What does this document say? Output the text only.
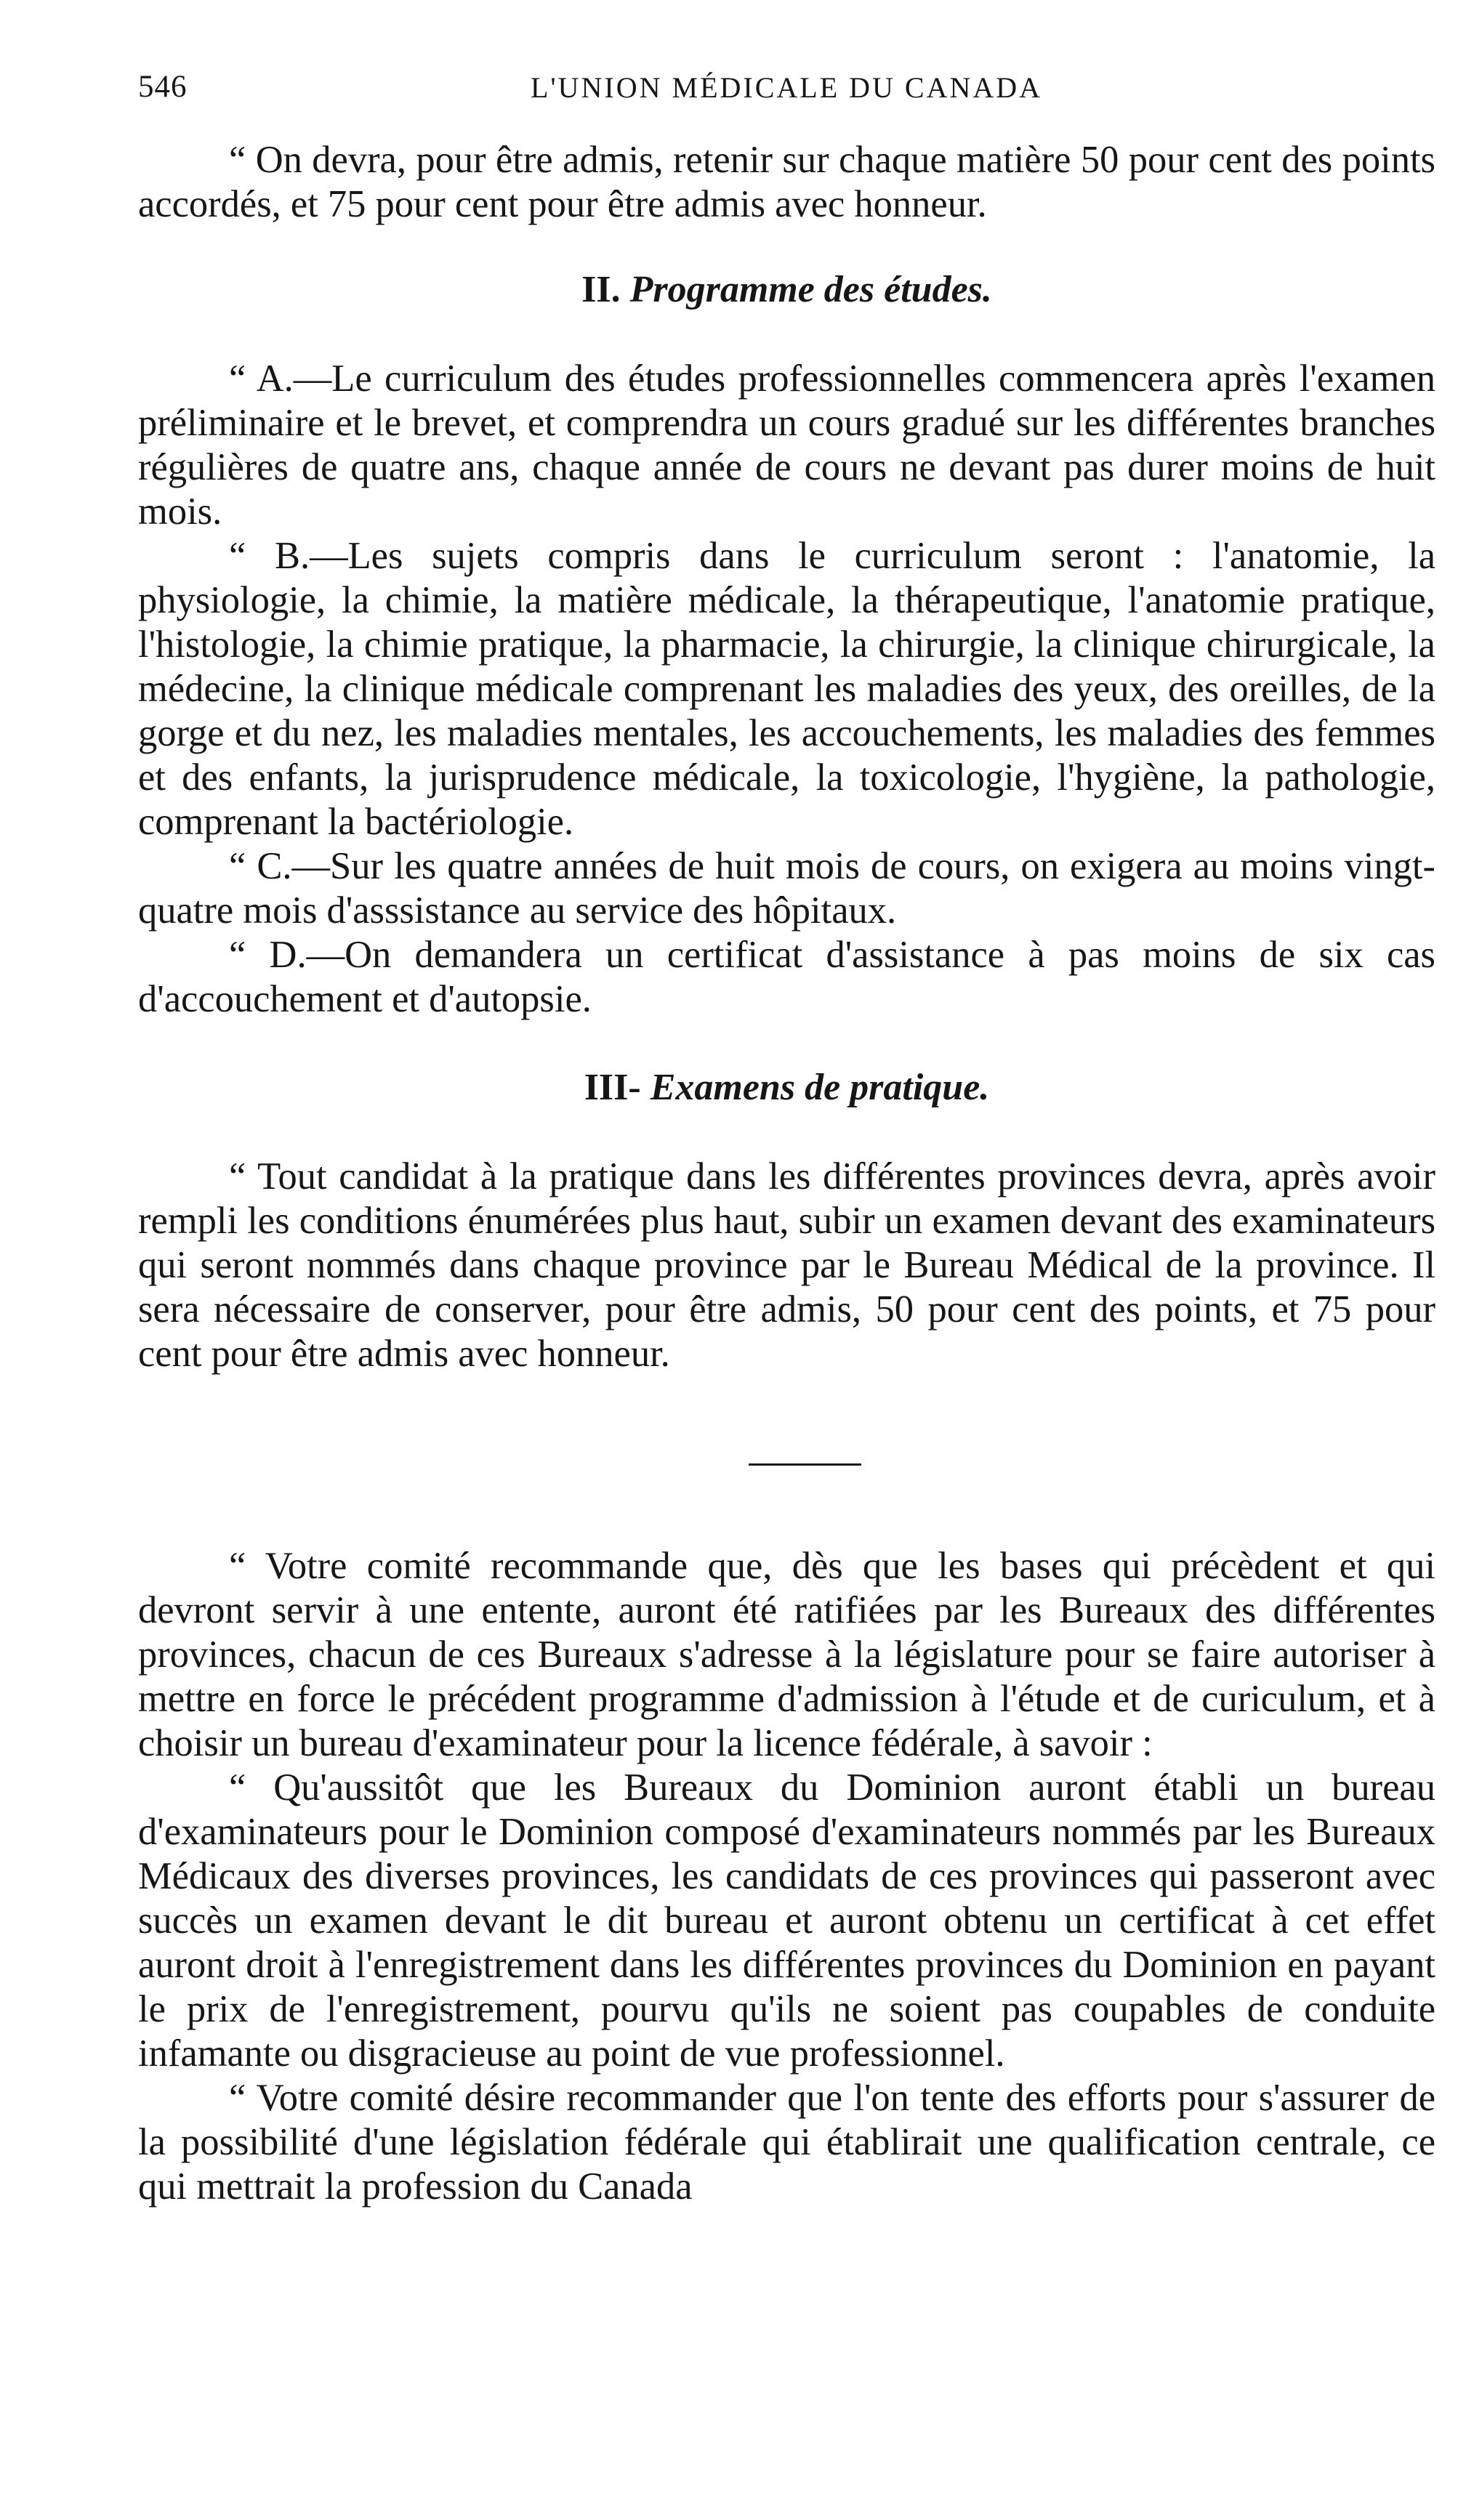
546	L'UNION MÉDICALE DU CANADA

“ On devra, pour être admis, retenir sur chaque matière 50 pour cent des points accordés, et 75 pour cent pour être admis avec honneur.

II. Programme des études.

“ A.—Le curriculum des études professionnelles commencera après l'examen préliminaire et le brevet, et comprendra un cours gradué sur les différentes branches régulières de quatre ans, chaque année de cours ne devant pas durer moins de huit mois.

“ B.—Les sujets compris dans le curriculum seront : l'anatomie, la physiologie, la chimie, la matière médicale, la thérapeutique, l'anatomie pratique, l'histologie, la chimie pratique, la pharmacie, la chirurgie, la clinique chirurgicale, la médecine, la clinique médicale comprenant les maladies des yeux, des oreilles, de la gorge et du nez, les maladies mentales, les accouchements, les maladies des femmes et des enfants, la jurisprudence médicale, la toxicologie, l'hygiène, la pathologie, comprenant la bactériologie.

“ C.—Sur les quatre années de huit mois de cours, on exigera au moins vingt-quatre mois d'asssistance au service des hôpitaux.

“ D.—On demandera un certificat d'assistance à pas moins de six cas d'accouchement et d'autopsie.

III- Examens de pratique.

“ Tout candidat à la pratique dans les différentes provinces devra, après avoir rempli les conditions énumérées plus haut, subir un examen devant des examinateurs qui seront nommés dans chaque province par le Bureau Médical de la province. Il sera nécessaire de conserver, pour être admis, 50 pour cent des points, et 75 pour cent pour être admis avec honneur.

“ Votre comité recommande que, dès que les bases qui précèdent et qui devront servir à une entente, auront été ratifiées par les Bureaux des différentes provinces, chacun de ces Bureaux s'adresse à la législature pour se faire autoriser à mettre en force le précédent programme d'admission à l'étude et de curiculum, et à choisir un bureau d'examinateur pour la licence fédérale, à savoir :

“ Qu'aussitôt que les Bureaux du Dominion auront établi un bureau d'examinateurs pour le Dominion composé d'examinateurs nommés par les Bureaux Médicaux des diverses provinces, les candidats de ces provinces qui passeront avec succès un examen devant le dit bureau et auront obtenu un certificat à cet effet auront droit à l'enregistrement dans les différentes provinces du Dominion en payant le prix de l'enregistrement, pourvu qu'ils ne soient pas coupables de conduite infamante ou disgracieuse au point de vue professionnel.

“ Votre comité désire recommander que l'on tente des efforts pour s'assurer de la possibilité d'une législation fédérale qui établirait une qualification centrale, ce qui mettrait la profession du Canada
